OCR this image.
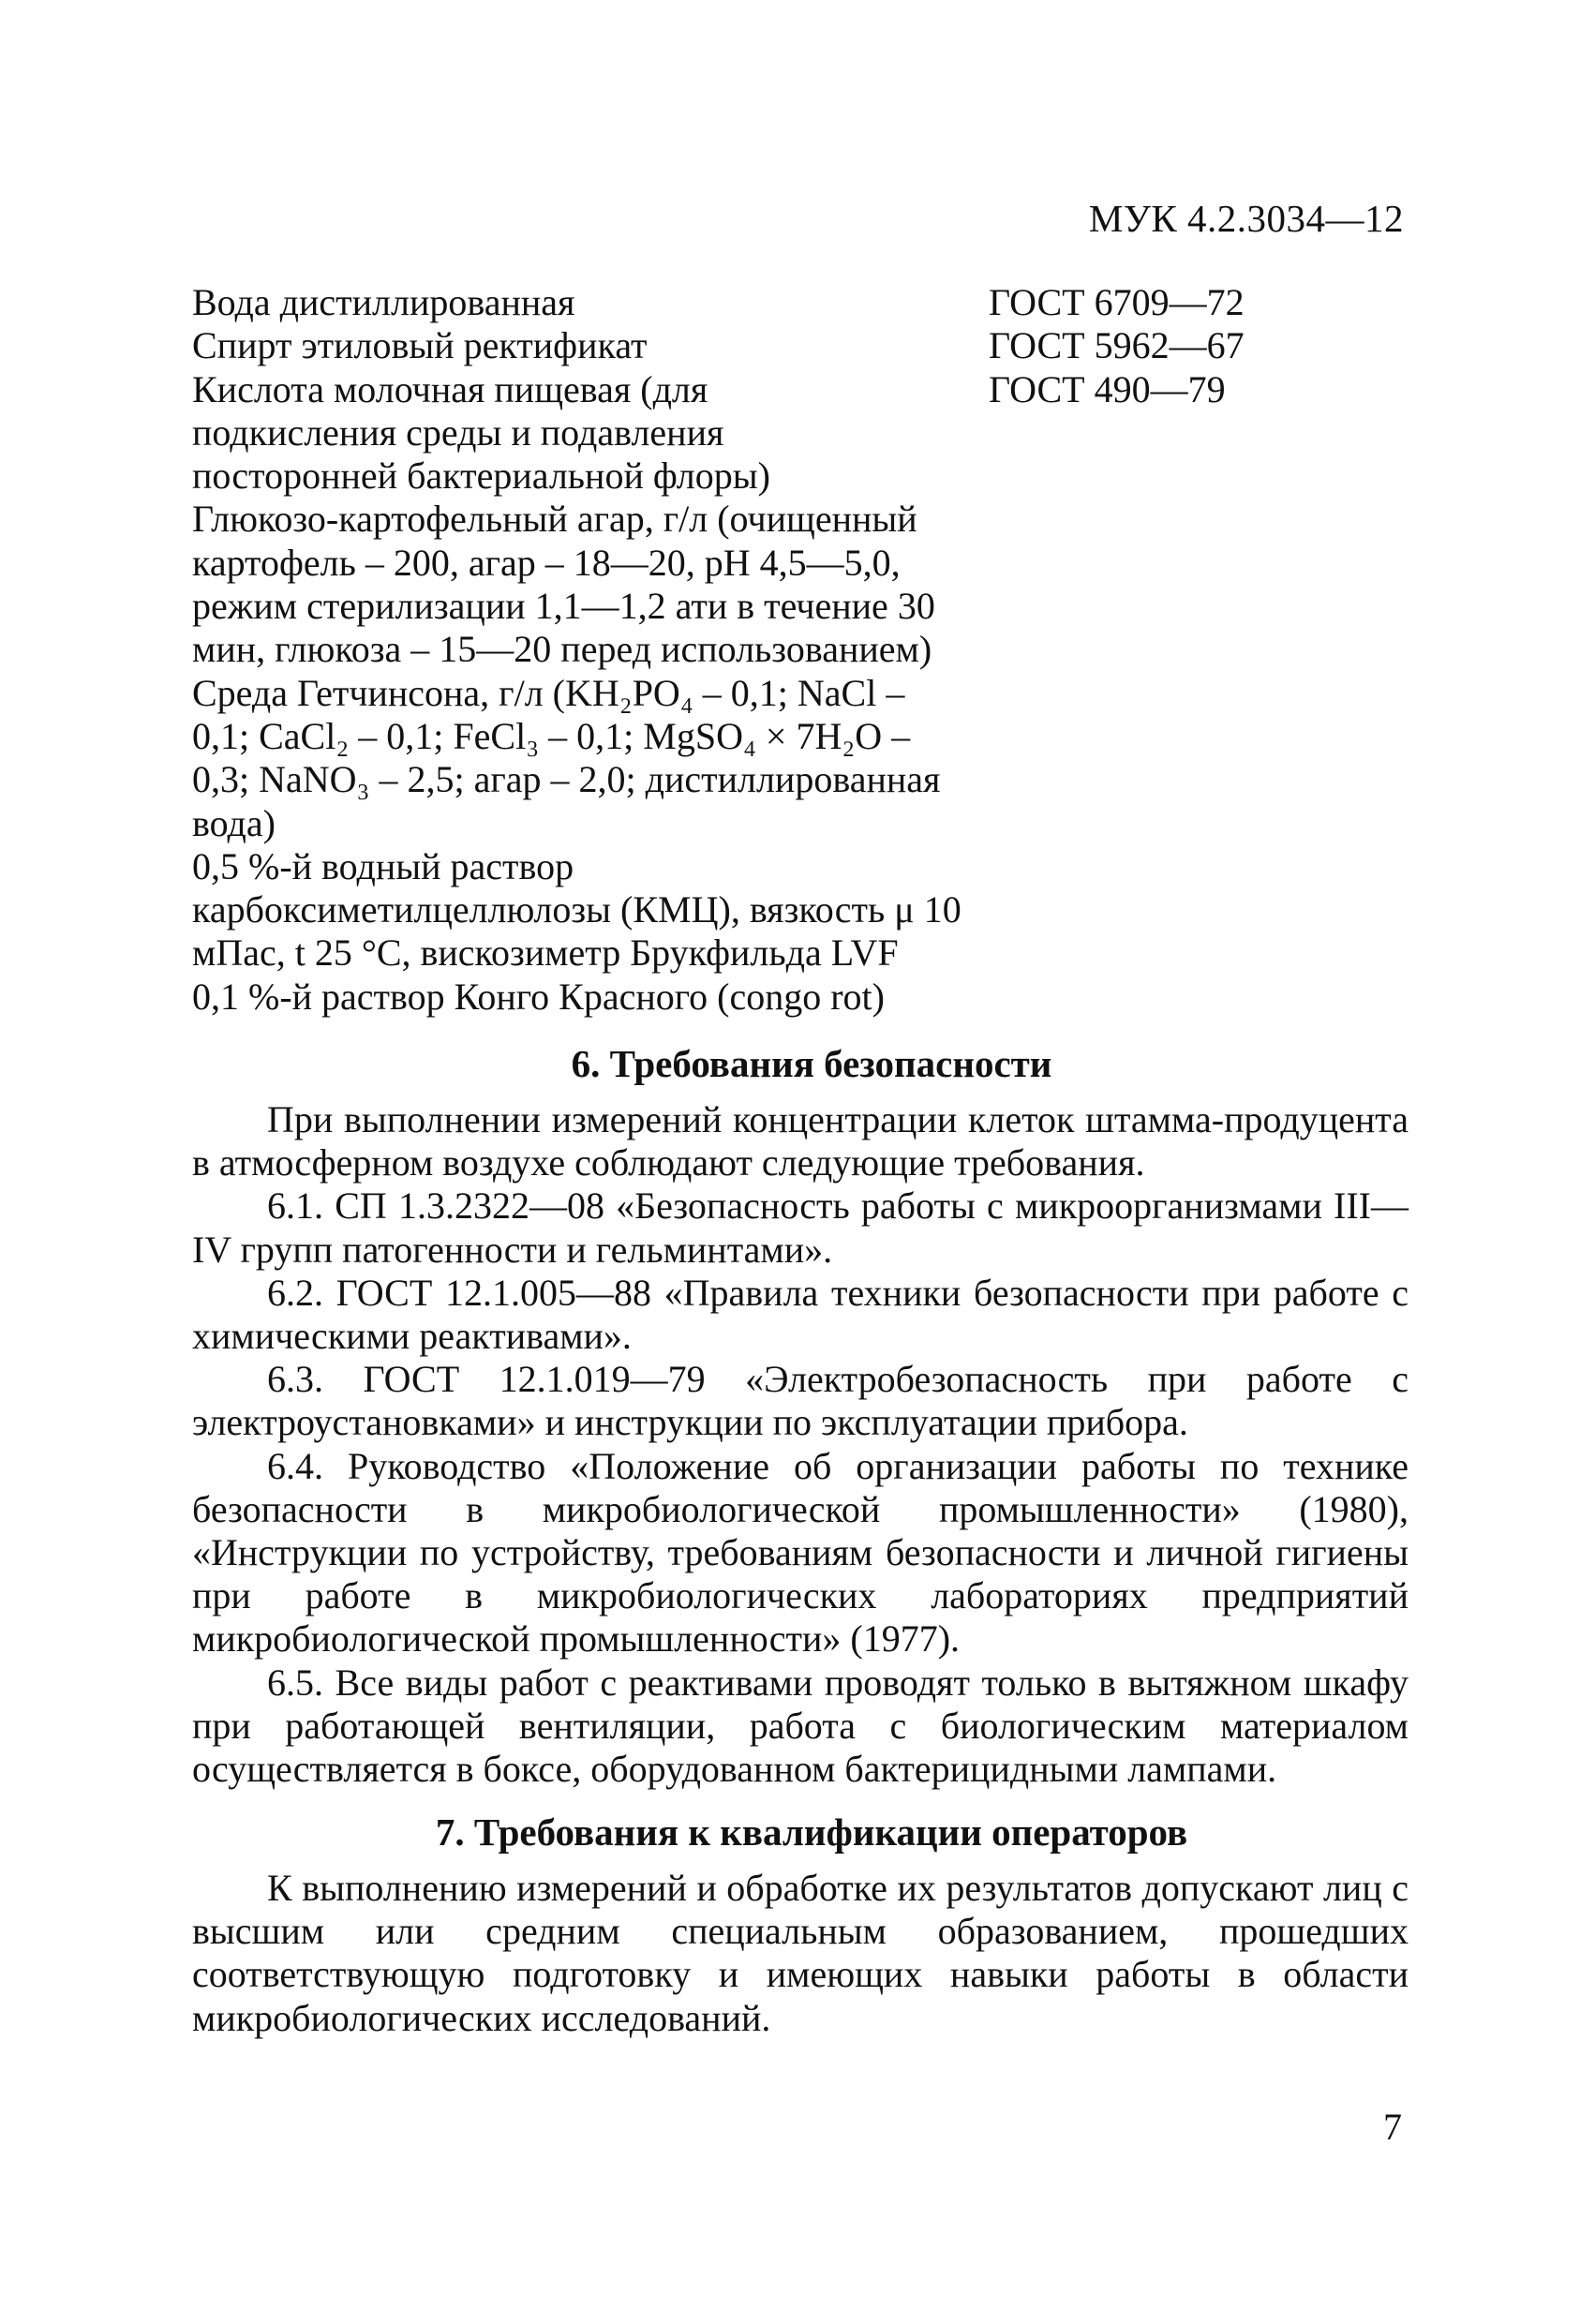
МУК 4.2.3034—12
Вода дистиллированная	ГОСТ 6709—72
Спирт этиловый ректификат	ГОСТ 5962—67
Кислота молочная пищевая (для подкисления среды и подавления посторонней бактериальной флоры)
ГОСТ 490—79
Глюкозо-картофельный агар, г/л (очищенный картофель – 200, агар – 18—20, pH 4,5—5,0, режим стерилизации 1,1—1,2 ати в течение 30 мин, глюкоза – 15—20 перед использованием)
Среда Гетчинсона, г/л (KH₂PO₄ – 0,1; NaCl – 0,1; CaCl₂ – 0,1; FeCl₃ – 0,1; MgSO₄ × 7H₂O – 0,3; NaNO₃ – 2,5; агар – 2,0; дистиллированная вода)
0,5 %-й водный раствор карбоксиметилцеллюлозы (КМЦ), вязкость μ 10 мПас, t 25 °С, вискозиметр Брукфильда LVF
0,1 %-й раствор Конго Красного (congo rot)
6. Требования безопасности

При выполнении измерений концентрации клеток штамма-продуцента в атмосферном воздухе соблюдают следующие требования.

6.1. СП 1.3.2322—08 «Безопасность работы с микроорганизмами III—IV групп патогенности и гельминтами».

6.2. ГОСТ 12.1.005—88 «Правила техники безопасности при работе с химическими реактивами».

6.3. ГОСТ 12.1.019—79 «Электробезопасность при работе с электроустановками» и инструкции по эксплуатации прибора.

6.4. Руководство «Положение об организации работы по технике безопасности в микробиологической промышленности» (1980), «Инструкции по устройству, требованиям безопасности и личной гигиены при работе в микробиологических лабораториях предприятий микробиологической промышленности» (1977).

6.5. Все виды работ с реактивами проводят только в вытяжном шкафу при работающей вентиляции, работа с биологическим материалом осуществляется в боксе, оборудованном бактерицидными лампами.

7. Требования к квалификации операторов

К выполнению измерений и обработке их результатов допускают лиц с высшим или средним специальным образованием, прошедших соответствующую подготовку и имеющих навыки работы в области микробиологических исследований.

7
